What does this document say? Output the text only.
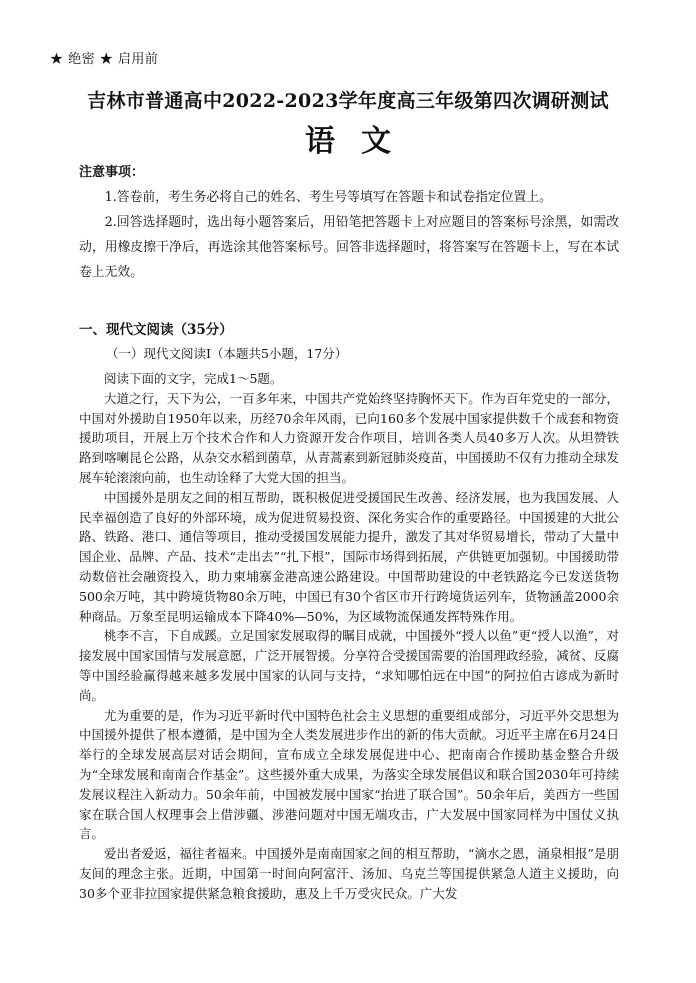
★ 绝密 ★ 启用前
吉林市普通高中2022-2023学年度高三年级第四次调研测试
语文
注意事项：

1.答卷前，考生务必将自己的姓名、考生号等填写在答题卡和试卷指定位置上。

2.回答选择题时，选出每小题答案后，用铅笔把答题卡上对应题目的答案标号涂黑，如需改动，用橡皮擦干净后，再选涂其他答案标号。回答非选择题时，将答案写在答题卡上，写在本试卷上无效。

一、现代文阅读（35分）
（一）现代文阅读Ⅰ（本题共5小题，17分）

阅读下面的文字，完成1～5题。

大道之行，天下为公，一百多年来，中国共产党始终坚持胸怀天下。作为百年党史的一部分，中国对外援助自1950年以来，历经70余年风雨，已向160多个发展中国家提供数千个成套和物资援助项目，开展上万个技术合作和人力资源开发合作项目，培训各类人员40多万人次。从坦赞铁路到喀喇昆仑公路，从杂交水稻到菌草，从青蒿素到新冠肺炎疫苗，中国援助不仅有力推动全球发展车轮滚滚向前，也生动诠释了大党大国的担当。

中国援外是朋友之间的相互帮助，既积极促进受援国民生改善、经济发展，也为我国发展、人民幸福创造了良好的外部环境，成为促进贸易投资、深化务实合作的重要路径。中国援建的大批公路、铁路、港口、通信等项目，推动受援国发展能力提升，激发了其对华贸易增长，带动了大量中国企业、品牌、产品、技术“走出去”“扎下根”，国际市场得到拓展，产供链更加强韧。中国援助带动数倍社会融资投入，助力柬埔寨金港高速公路建设。中国帮助建设的中老铁路迄今已发送货物500余万吨，其中跨境货物80余万吨，中国已有30个省区市开行跨境货运列车，货物涵盖2000余种商品。万象至昆明运输成本下降40%—50%，为区域物流保通发挥特殊作用。

桃李不言，下自成蹊。立足国家发展取得的瞩目成就，中国援外“授人以鱼”更“授人以渔”，对接发展中国家国情与发展意愿，广泛开展智援。分享符合受援国需要的治国理政经验，减贫、反腐等中国经验赢得越来越多发展中国家的认同与支持，“求知哪怕远在中国”的阿拉伯古谚成为新时尚。

尤为重要的是，作为习近平新时代中国特色社会主义思想的重要组成部分，习近平外交思想为中国援外提供了根本遵循，是中国为全人类发展进步作出的新的伟大贡献。习近平主席在6月24日举行的全球发展高层对话会期间，宣布成立全球发展促进中心、把南南合作援助基金整合升级为“全球发展和南南合作基金”。这些援外重大成果，为落实全球发展倡议和联合国2030年可持续发展议程注入新动力。50余年前，中国被发展中国家“抬进了联合国”。50余年后，美西方一些国家在联合国人权理事会上借涉疆、涉港问题对中国无端攻击，广大发展中国家同样为中国仗义执言。

爱出者爱返，福往者福来。中国援外是南南国家之间的相互帮助，“滴水之恩，涌泉相报”是朋友间的理念主张。近期，中国第一时间向阿富汗、汤加、乌克兰等国提供紧急人道主义援助，向30多个亚非拉国家提供紧急粮食援助，惠及上千万受灾民众。广大发
